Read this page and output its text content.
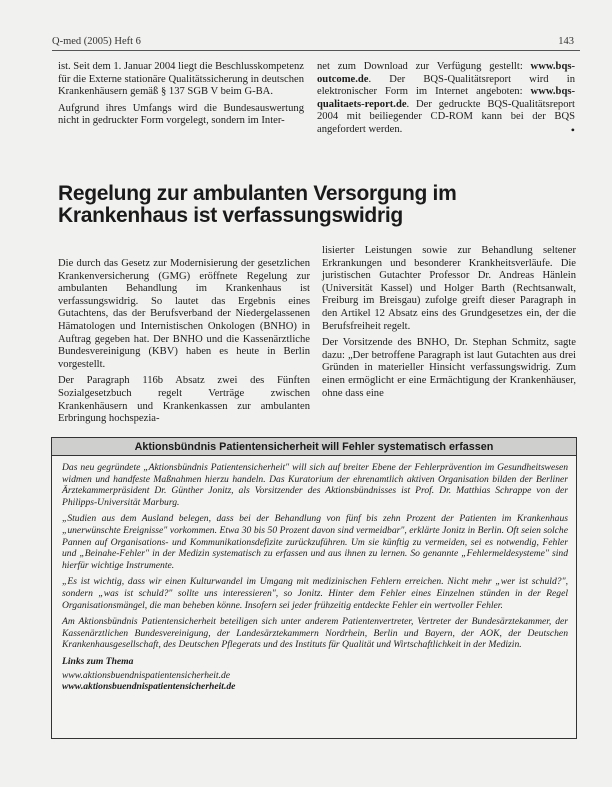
Q-med (2005) Heft 6	143

ist. Seit dem 1. Januar 2004 liegt die Beschlusskompetenz für die Externe stationäre Qualitätssicherung in deutschen Krankenhäusern gemäß § 137 SGB V beim G-BA.

Aufgrund ihres Umfangs wird die Bundesauswertung nicht in gedruckter Form vorgelegt, sondern im Inter-

net zum Download zur Verfügung gestellt: www.bqs-outcome.de. Der BQS-Qualitätsreport wird in elektronischer Form im Internet angeboten: www.bqs-qualitaets-report.de. Der gedruckte BQS-Qualitätsreport 2004 mit beiliegender CD-ROM kann bei der BQS angefordert werden.	•

Regelung zur ambulanten Versorgung im Krankenhaus ist verfassungswidrig

Die durch das Gesetz zur Modernisierung der gesetzlichen Krankenversicherung (GMG) eröffnete Regelung zur ambulanten Behandlung im Krankenhaus ist verfassungswidrig. So lautet das Ergebnis eines Gutachtens, das der Berufsverband der Niedergelassenen Hämatologen und Internistischen Onkologen (BNHO) in Auftrag gegeben hat. Der BNHO und die Kassenärztliche Bundesvereinigung (KBV) haben es heute in Berlin vorgestellt.

Der Paragraph 116b Absatz zwei des Fünften Sozialgesetzbuch regelt Verträge zwischen Krankenhäusern und Krankenkassen zur ambulanten Erbringung hochspezia-

lisierter Leistungen sowie zur Behandlung seltener Erkrankungen und besonderer Krankheitsverläufe. Die juristischen Gutachter Professor Dr. Andreas Hänlein (Universität Kassel) und Holger Barth (Rechtsanwalt, Freiburg im Breisgau) zufolge greift dieser Paragraph in den Artikel 12 Absatz eins des Grundgesetzes ein, der die Berufsfreiheit regelt.

Der Vorsitzende des BNHO, Dr. Stephan Schmitz, sagte dazu: „Der betroffene Paragraph ist laut Gutachten aus drei Gründen in materieller Hinsicht verfassungswidrig. Zum einen ermöglicht er eine Ermächtigung der Krankenhäuser, ohne dass eine

Aktionsbündnis Patientensicherheit will Fehler systematisch erfassen

Das neu gegründete „Aktionsbündnis Patientensicherheit" will sich auf breiter Ebene der Fehlerprävention im Gesundheitswesen widmen und handfeste Maßnahmen hierzu handeln. Das Kuratorium der ehrenamtlich aktiven Organisation bilden der Berliner Ärztekammerpräsident Dr. Günther Jonitz, als Vorsitzender des Aktionsbündnisses ist Prof. Dr. Matthias Schrappe von der Philipps-Universität Marburg.

„Studien aus dem Ausland belegen, dass bei der Behandlung von fünf bis zehn Prozent der Patienten im Krankenhaus „unerwünschte Ereignisse" vorkommen. Etwa 30 bis 50 Prozent davon sind vermeidbar", erklärte Jonitz in Berlin. Oft seien solche Pannen auf Organisations- und Kommunikationsdefizite zurückzuführen. Um sie künftig zu vermeiden, sei es notwendig, Fehler und „Beinahe-Fehler" in der Medizin systematisch zu erfassen und aus ihnen zu lernen. So genannte „Fehlermeldesysteme" sind hierfür wichtige Instrumente.

„Es ist wichtig, dass wir einen Kulturwandel im Umgang mit medizinischen Fehlern erreichen. Nicht mehr „wer ist schuld?", sondern „was ist schuld?" sollte uns interessieren", so Jonitz. Hinter dem Fehler eines Einzelnen stünden in der Regel Organisationsmängel, die man beheben könne. Insofern sei jeder frühzeitig entdeckte Fehler ein wertvoller Fehler.

Am Aktionsbündnis Patientensicherheit beteiligen sich unter anderem Patientenvertreter, Vertreter der Bundesärztekammer, der Kassenärztlichen Bundesvereinigung, der Landesärztekammern Nordrhein, Berlin und Bayern, der AOK, der Deutschen Krankenhausgesellschaft, des Deutschen Pflegerats und des Instituts für Qualität und Wirtschaftlichkeit in der Medizin.

Links zum Thema

www.aktionsbuendnispatientensicherheit.de

www.aktionsbuendnispatientensicherheit.de
